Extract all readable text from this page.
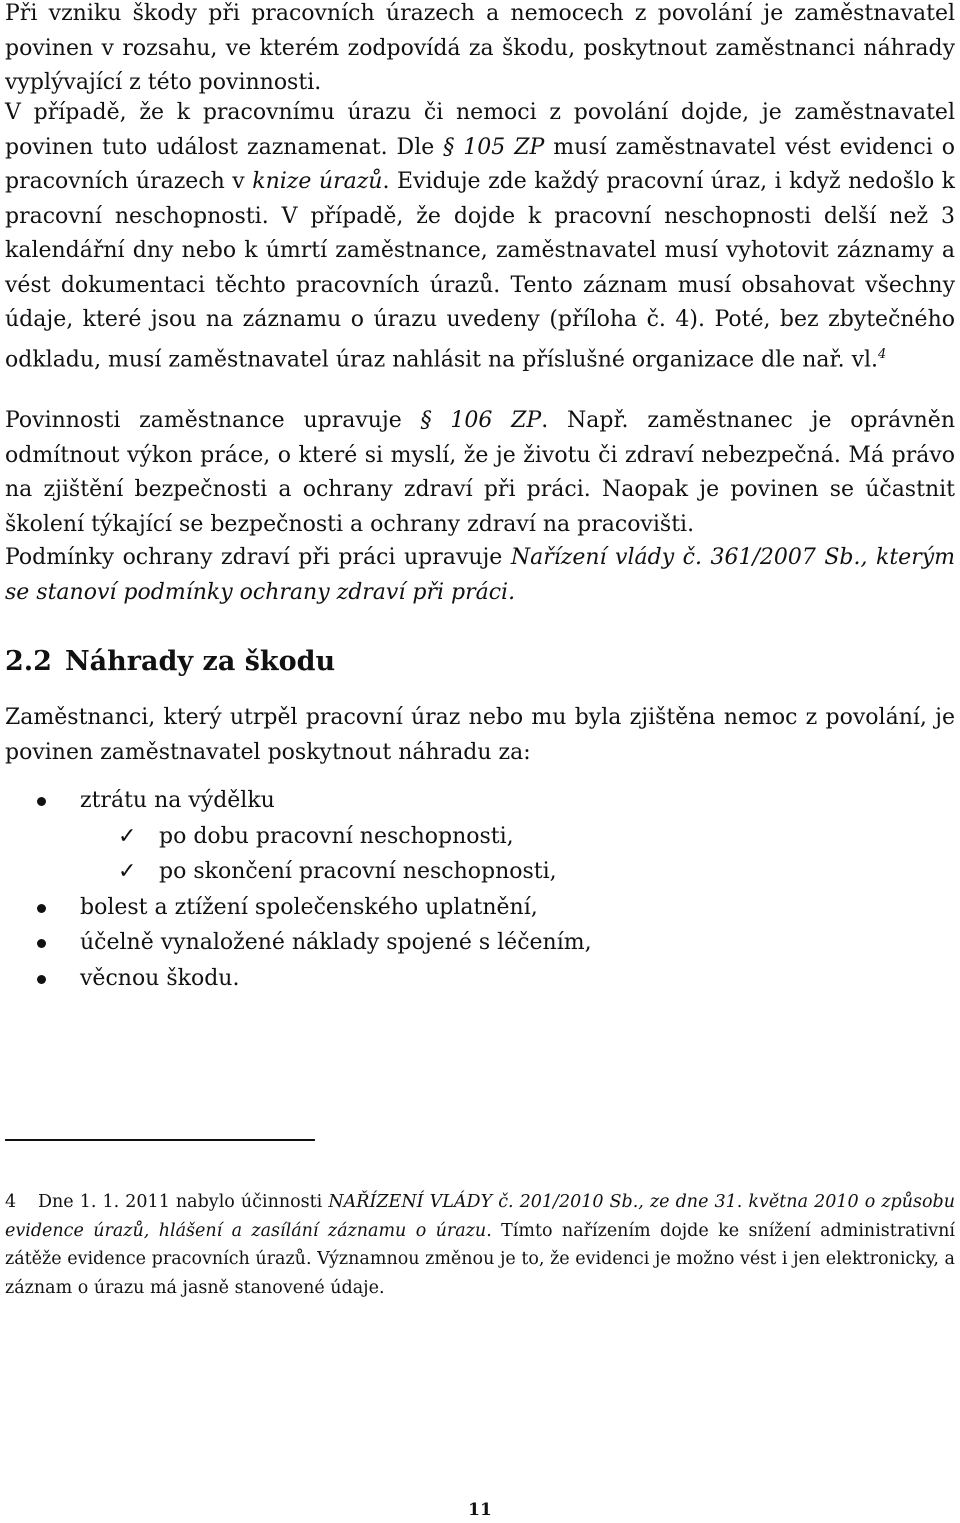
Při vzniku škody při pracovních úrazech a nemocech z povolání je zaměstnavatel povinen v rozsahu, ve kterém zodpovídá za škodu, poskytnout zaměstnanci náhrady vyplývající z této povinnosti.

V případě, že k pracovnímu úrazu či nemoci z povolání dojde, je zaměstnavatel povinen tuto událost zaznamenat. Dle § 105 ZP musí zaměstnavatel vést evidenci o pracovních úrazech v knize úrazů. Eviduje zde každý pracovní úraz, i když nedošlo k pracovní neschopnosti. V případě, že dojde k pracovní neschopnosti delší než 3 kalendářní dny nebo k úmrtí zaměstnance, zaměstnavatel musí vyhotovit záznamy a vést dokumentaci těchto pracovních úrazů. Tento záznam musí obsahovat všechny údaje, které jsou na záznamu o úrazu uvedeny (příloha č. 4). Poté, bez zbytečného odkladu, musí zaměstnavatel úraz nahlásit na příslušné organizace dle nař. vl.$^4$

Povinnosti zaměstnance upravuje § 106 ZP. Např. zaměstnanec je oprávněn odmítnout výkon práce, o které si myslí, že je životu či zdraví nebezpečná. Má právo na zjištění bezpečnosti a ochrany zdraví při práci. Naopak je povinen se účastnit školení týkající se bezpečnosti a ochrany zdraví na pracovišti.

Podmínky ochrany zdraví při práci upravuje Nařízení vlády č. 361/2007 Sb., kterým se stanoví podmínky ochrany zdraví při práci.

2.2 Náhrady za škodu

Zaměstnanci, který utrpěl pracovní úraz nebo mu byla zjištěna nemoc z povolání, je povinen zaměstnavatel poskytnout náhradu za:

ztrátu na výdělku
✓ po dobu pracovní neschopnosti,
✓ po skončení pracovní neschopnosti,
bolest a ztížení společenského uplatnění,
účelně vynaložené náklady spojené s léčením,
věcnou škodu.

4 Dne 1. 1. 2011 nabylo účinnosti NAŘÍZENÍ VLÁDY č. 201/2010 Sb., ze dne 31. května 2010 o způsobu evidence úrazů, hlášení a zasílání záznamu o úrazu. Tímto nařízením dojde ke snížení administrativní zátěže evidence pracovních úrazů. Významnou změnou je to, že evidenci je možno vést i jen elektronicky, a záznam o úrazu má jasně stanovené údaje.

11
